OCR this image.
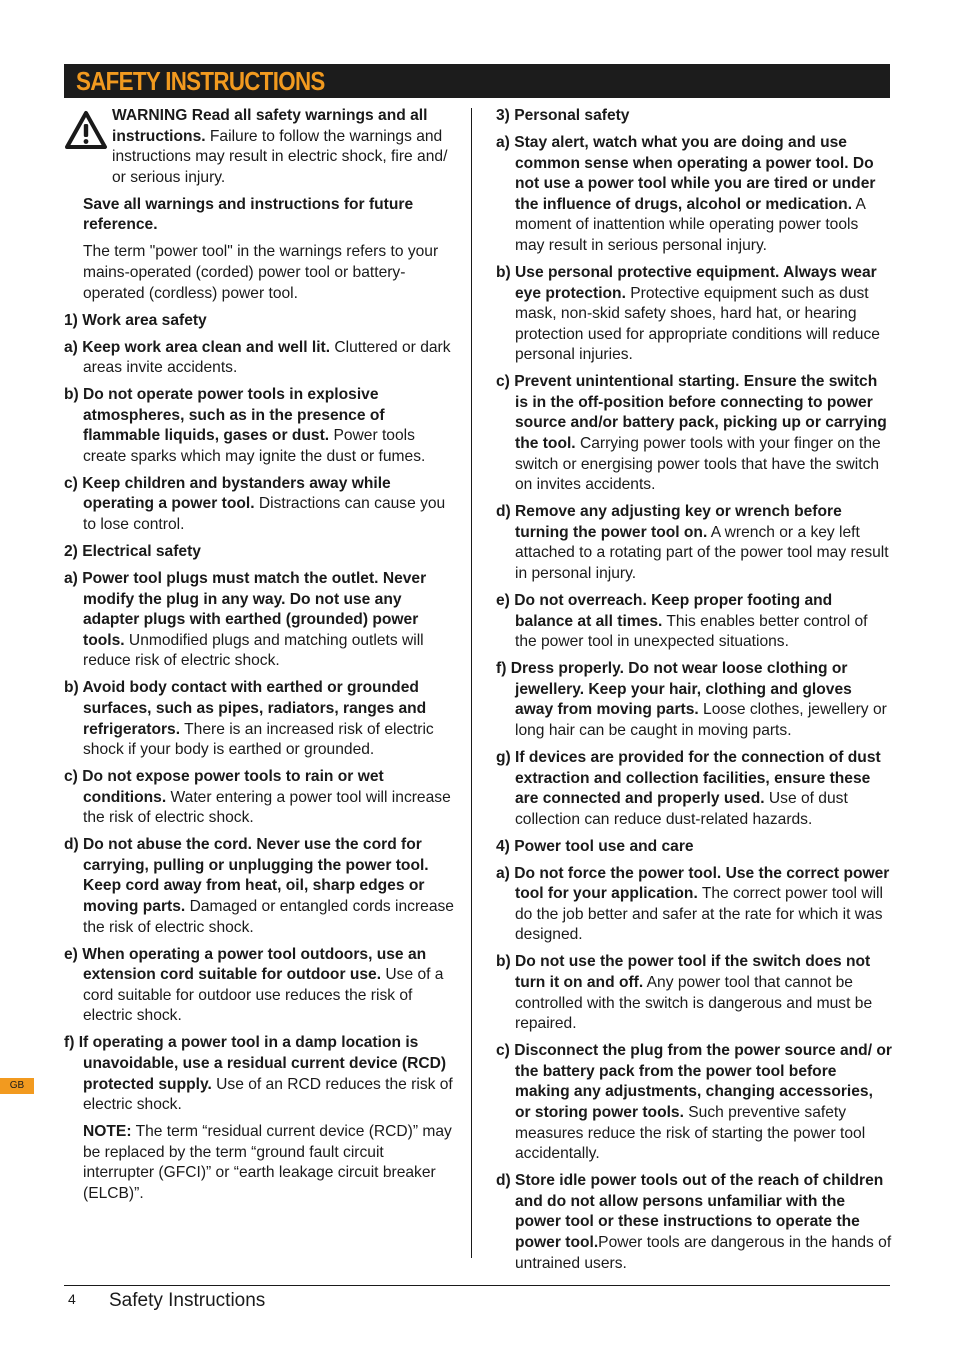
SAFETY INSTRUCTIONS

WARNING Read all safety warnings and all instructions. Failure to follow the warnings and instructions may result in electric shock, fire and/ or serious injury.

Save all warnings and instructions for future reference.

The term "power tool" in the warnings refers to your mains-operated (corded) power tool or battery-operated (cordless) power tool.

1) Work area safety

a) Keep work area clean and well lit. Cluttered or dark areas invite accidents.

b) Do not operate power tools in explosive atmospheres, such as in the presence of flammable liquids, gases or dust. Power tools create sparks which may ignite the dust or fumes.

c) Keep children and bystanders away while operating a power tool. Distractions can cause you to lose control.

2) Electrical safety

a) Power tool plugs must match the outlet. Never modify the plug in any way. Do not use any adapter plugs with earthed (grounded) power tools. Unmodified plugs and matching outlets will reduce risk of electric shock.

b) Avoid body contact with earthed or grounded surfaces, such as pipes, radiators, ranges and refrigerators. There is an increased risk of electric shock if your body is earthed or grounded.

c) Do not expose power tools to rain or wet conditions. Water entering a power tool will increase the risk of electric shock.

d) Do not abuse the cord. Never use the cord for carrying, pulling or unplugging the power tool. Keep cord away from heat, oil, sharp edges or moving parts. Damaged or entangled cords increase the risk of electric shock.

e) When operating a power tool outdoors, use an extension cord suitable for outdoor use. Use of a cord suitable for outdoor use reduces the risk of electric shock.

f) If operating a power tool in a damp location is unavoidable, use a residual current device (RCD) protected supply. Use of an RCD reduces the risk of electric shock.

NOTE: The term “residual current device (RCD)” may be replaced by the term “ground fault circuit interrupter (GFCI)” or “earth leakage circuit breaker (ELCB)”.

3) Personal safety

a) Stay alert, watch what you are doing and use common sense when operating a power tool. Do not use a power tool while you are tired or under the influence of drugs, alcohol or medication. A moment of inattention while operating power tools may result in serious personal injury.

b) Use personal protective equipment. Always wear eye protection. Protective equipment such as dust mask, non-skid safety shoes, hard hat, or hearing protection used for appropriate conditions will reduce personal injuries.

c) Prevent unintentional starting. Ensure the switch is in the off-position before connecting to power source and/or battery pack, picking up or carrying the tool. Carrying power tools with your finger on the switch or energising power tools that have the switch on invites accidents.

d) Remove any adjusting key or wrench before turning the power tool on. A wrench or a key left attached to a rotating part of the power tool may result in personal injury.

e) Do not overreach. Keep proper footing and balance at all times. This enables better control of the power tool in unexpected situations.

f) Dress properly. Do not wear loose clothing or jewellery. Keep your hair, clothing and gloves away from moving parts. Loose clothes, jewellery or long hair can be caught in moving parts.

g) If devices are provided for the connection of dust extraction and collection facilities, ensure these are connected and properly used. Use of dust collection can reduce dust-related hazards.

4) Power tool use and care

a) Do not force the power tool. Use the correct power tool for your application. The correct power tool will do the job better and safer at the rate for which it was designed.

b) Do not use the power tool if the switch does not turn it on and off. Any power tool that cannot be controlled with the switch is dangerous and must be repaired.

c) Disconnect the plug from the power source and/ or the battery pack from the power tool before making any adjustments, changing accessories, or storing power tools. Such preventive safety measures reduce the risk of starting the power tool accidentally.

d) Store idle power tools out of the reach of children and do not allow persons unfamiliar with the power tool or these instructions to operate the power tool.Power tools are dangerous in the hands of untrained users.

GB
4 Safety Instructions
